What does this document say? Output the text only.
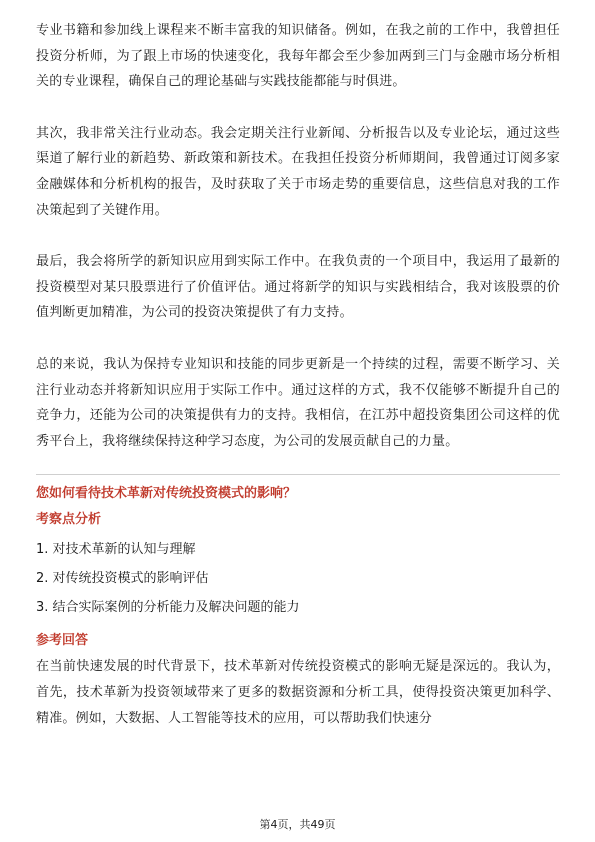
专业书籍和参加线上课程来不断丰富我的知识储备。例如，在我之前的工作中，我曾担任投资分析师，为了跟上市场的快速变化，我每年都会至少参加两到三门与金融市场分析相关的专业课程，确保自己的理论基础与实践技能都能与时俱进。

其次，我非常关注行业动态。我会定期关注行业新闻、分析报告以及专业论坛，通过这些渠道了解行业的新趋势、新政策和新技术。在我担任投资分析师期间，我曾通过订阅多家金融媒体和分析机构的报告，及时获取了关于市场走势的重要信息，这些信息对我的工作决策起到了关键作用。

最后，我会将所学的新知识应用到实际工作中。在我负责的一个项目中，我运用了最新的投资模型对某只股票进行了价值评估。通过将新学的知识与实践相结合，我对该股票的价值判断更加精准，为公司的投资决策提供了有力支持。

总的来说，我认为保持专业知识和技能的同步更新是一个持续的过程，需要不断学习、关注行业动态并将新知识应用于实际工作中。通过这样的方式，我不仅能够不断提升自己的竞争力，还能为公司的决策提供有力的支持。我相信，在江苏中超投资集团公司这样的优秀平台上，我将继续保持这种学习态度，为公司的发展贡献自己的力量。

您如何看待技术革新对传统投资模式的影响？
考察点分析
1. 对技术革新的认知与理解
2. 对传统投资模式的影响评估
3. 结合实际案例的分析能力及解决问题的能力
参考回答

在当前快速发展的时代背景下，技术革新对传统投资模式的影响无疑是深远的。我认为，首先，技术革新为投资领域带来了更多的数据资源和分析工具，使得投资决策更加科学、精准。例如，大数据、人工智能等技术的应用，可以帮助我们快速分

第4页，共49页
